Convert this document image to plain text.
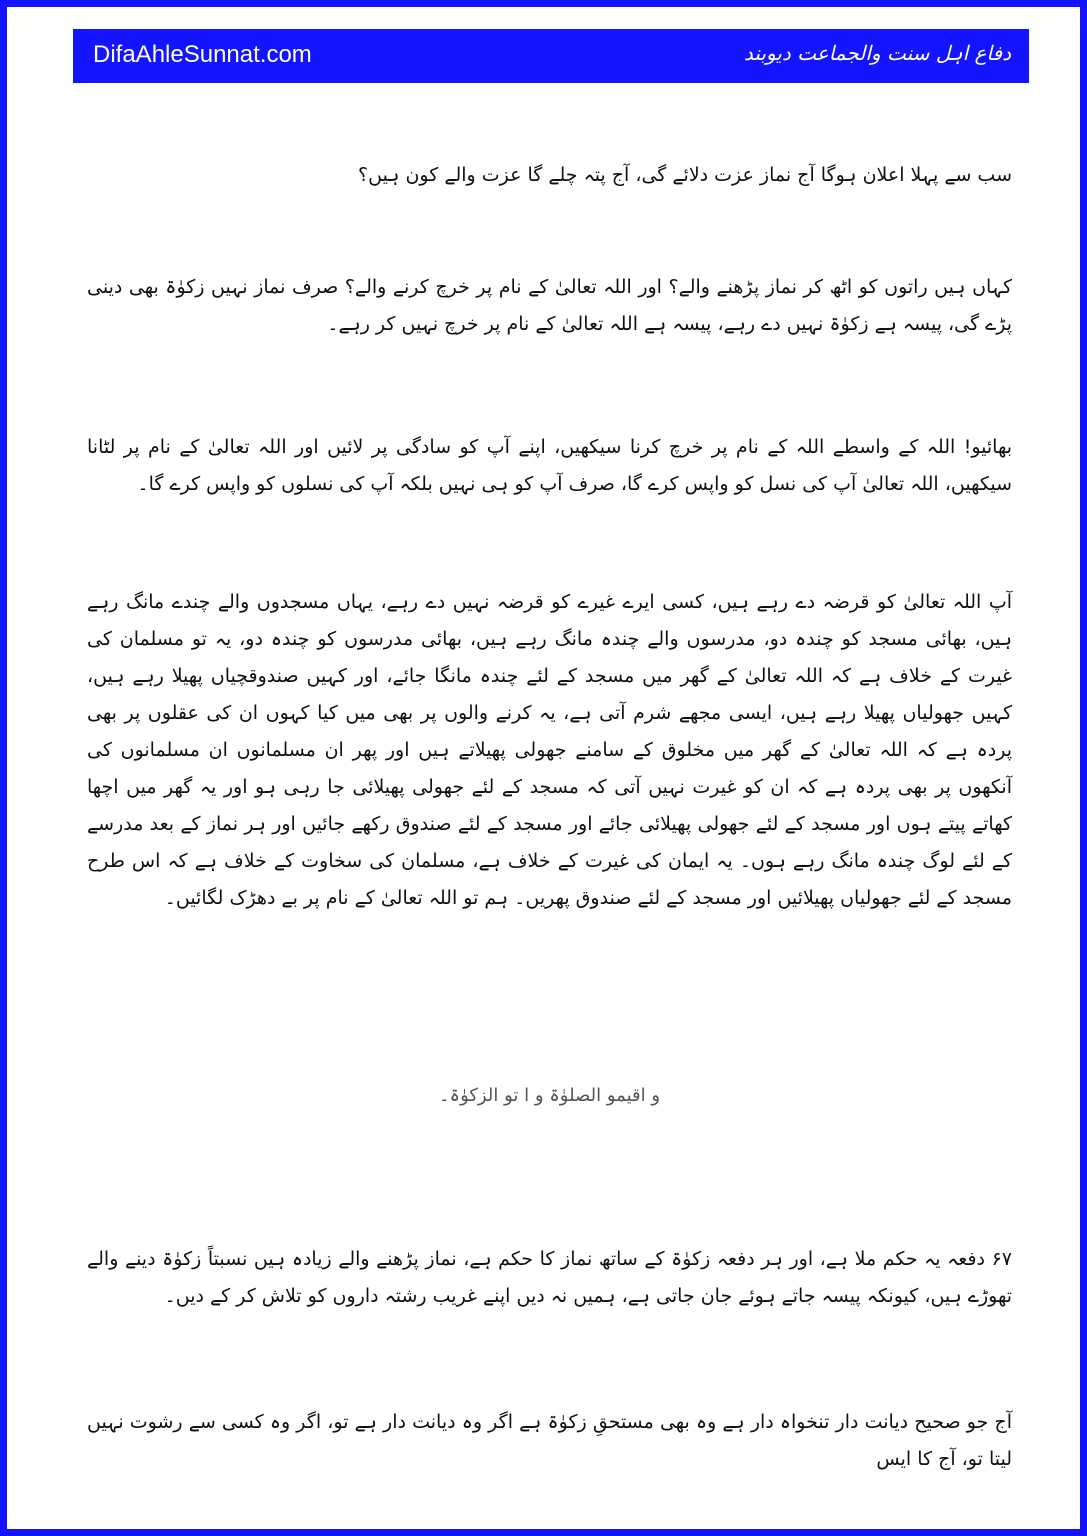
DifaAhleSunnat.com	دفاع اہل سنت والجماعت دیوبند

سب سے پہلا اعلان ہوگا آج نماز عزت دلائے گی، آج پتہ چلے گا عزت والے کون ہیں؟

کہاں ہیں راتوں کو اٹھ کر نماز پڑھنے والے؟ اور اللہ تعالیٰ کے نام پر خرچ کرنے والے؟ صرف نماز نہیں زکوٰۃ بھی دینی پڑے گی، پیسہ ہے زکوٰۃ نہیں دے رہے، پیسہ ہے اللہ تعالیٰ کے نام پر خرچ نہیں کر رہے۔

بھائیو! اللہ کے واسطے اللہ کے نام پر خرچ کرنا سیکھیں، اپنے آپ کو سادگی پر لائیں اور اللہ تعالیٰ کے نام پر لٹانا سیکھیں، اللہ تعالیٰ آپ کی نسل کو واپس کرے گا، صرف آپ کو ہی نہیں بلکہ آپ کی نسلوں کو واپس کرے گا۔

آپ اللہ تعالیٰ کو قرضہ دے رہے ہیں، کسی ایرے غیرے کو قرضہ نہیں دے رہے، یہاں مسجدوں والے چندے مانگ رہے ہیں، بھائی مسجد کو چندہ دو، مدرسوں والے چندہ مانگ رہے ہیں، بھائی مدرسوں کو چندہ دو، یہ تو مسلمان کی غیرت کے خلاف ہے کہ اللہ تعالیٰ کے گھر میں مسجد کے لئے چندہ مانگا جائے، اور کہیں صندوقچیاں پھیلا رہے ہیں، کہیں جھولیاں پھیلا رہے ہیں، ایسی مجھے شرم آتی ہے، یہ کرنے والوں پر بھی میں کیا کہوں ان کی عقلوں پر بھی پردہ ہے کہ اللہ تعالیٰ کے گھر میں مخلوق کے سامنے جھولی پھیلاتے ہیں اور پھر ان مسلمانوں ان مسلمانوں کی آنکھوں پر بھی پردہ ہے کہ ان کو غیرت نہیں آتی کہ مسجد کے لئے جھولی پھیلائی جا رہی ہو اور یہ گھر میں اچھا کھاتے پیتے ہوں اور مسجد کے لئے جھولی پھیلائی جائے اور مسجد کے لئے صندوق رکھے جائیں اور ہر نماز کے بعد مدرسے کے لئے لوگ چندہ مانگ رہے ہوں۔ یہ ایمان کی غیرت کے خلاف ہے، مسلمان کی سخاوت کے خلاف ہے کہ اس طرح مسجد کے لئے جھولیاں پھیلائیں اور مسجد کے لئے صندوق پھریں۔ ہم تو اللہ تعالیٰ کے نام پر بے دھڑک لگائیں۔

و اقیمو الصلوٰۃ و ا تو الزکوٰۃ۔

۶۷ دفعہ یہ حکم ملا ہے، اور ہر دفعہ زکوٰۃ کے ساتھ نماز کا حکم ہے، نماز پڑھنے والے زیادہ ہیں نسبتاً زکوٰۃ دینے والے تھوڑے ہیں، کیونکہ پیسہ جاتے ہوئے جان جاتی ہے، ہمیں نہ دیں اپنے غریب رشتہ داروں کو تلاش کر کے دیں۔

آج جو صحیح دیانت دار تنخواہ دار ہے وہ بھی مستحقِ زکوٰۃ ہے اگر وہ دیانت دار ہے تو، اگر وہ کسی سے رشوت نہیں لیتا تو، آج کا ایس
